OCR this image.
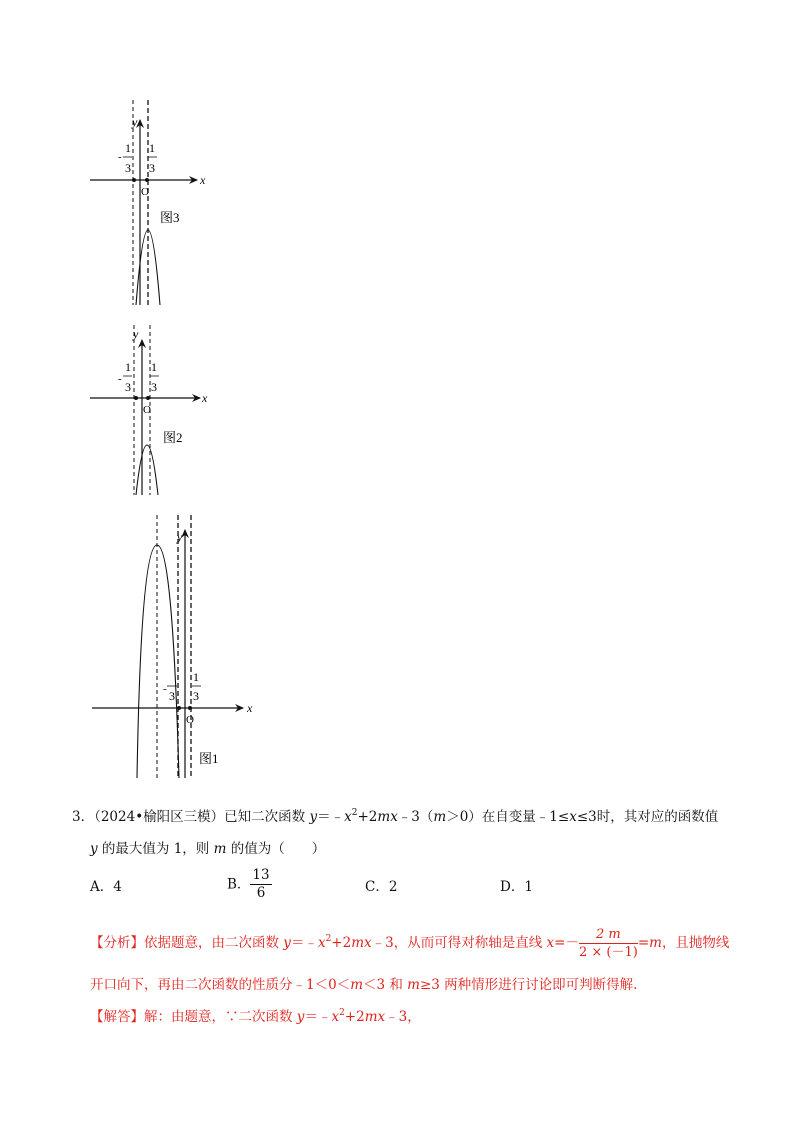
y
x
O
-
1
3
1
3
图3
y
x
O
-
1
3
1
3
图2
y
x
O
- 3
1
3
图1
3．（2024•榆阳区三模）已知二次函数 $y=﹣x^2+2mx﹣3(m>0)$在自变量﹣1≤x≤3时，其对应的函数值
y 的最大值为 1，则 m 的值为（　　）
A．4	B． $\frac{13}{6}$	C．2	D．1
【分析】依据题意，由二次函数 $y=﹣x^2+2mx﹣3$，从而可得对称轴是直线 $x=- \frac{2 m}{2 \times (-1)} =m$，且抛物线
开口向下，再由二次函数的性质分﹣1＜0＜m＜3 和 m≥3 两种情形进行讨论即可判断得解.
【解答】解：由题意，∵二次函数 $y=﹣x^2+2mx﹣3$，
